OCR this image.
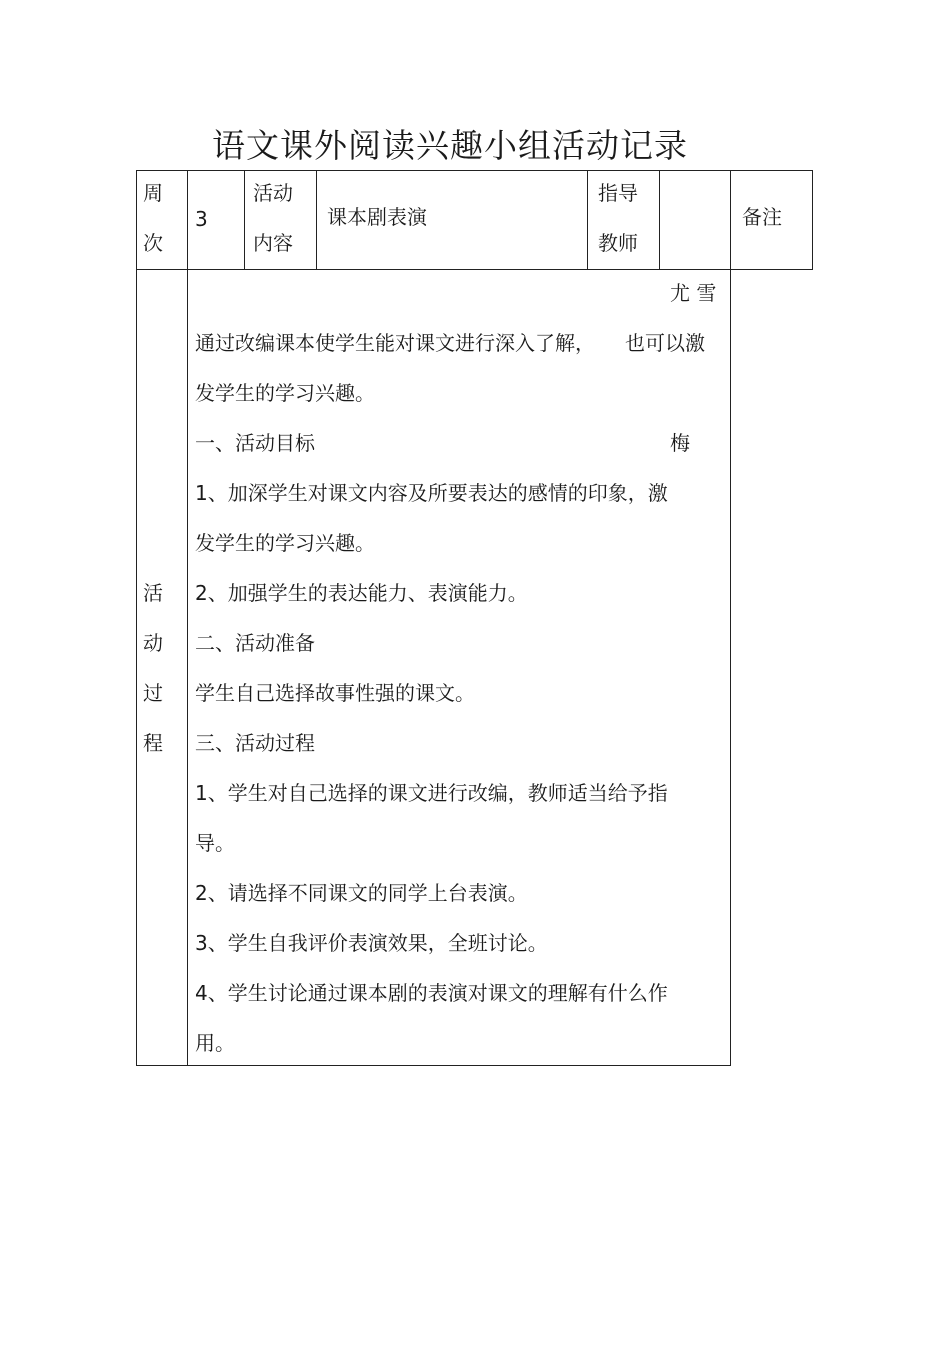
语文课外阅读兴趣小组活动记录
周
次
3
活动
内容
课本剧表演
指导
教师

尤 雪

梅

备注
活
动
过
程
通过改编课本使学生能对课文进行深入了解，　　也可以激
发学生的学习兴趣。
一、活动目标
1、加深学生对课文内容及所要表达的感情的印象，激
发学生的学习兴趣。
2、加强学生的表达能力、表演能力。
二、活动准备
学生自己选择故事性强的课文。
三、活动过程
1、学生对自己选择的课文进行改编，教师适当给予指
导。
2、请选择不同课文的同学上台表演。
3、学生自我评价表演效果，全班讨论。
4、学生讨论通过课本剧的表演对课文的理解有什么作
用。
